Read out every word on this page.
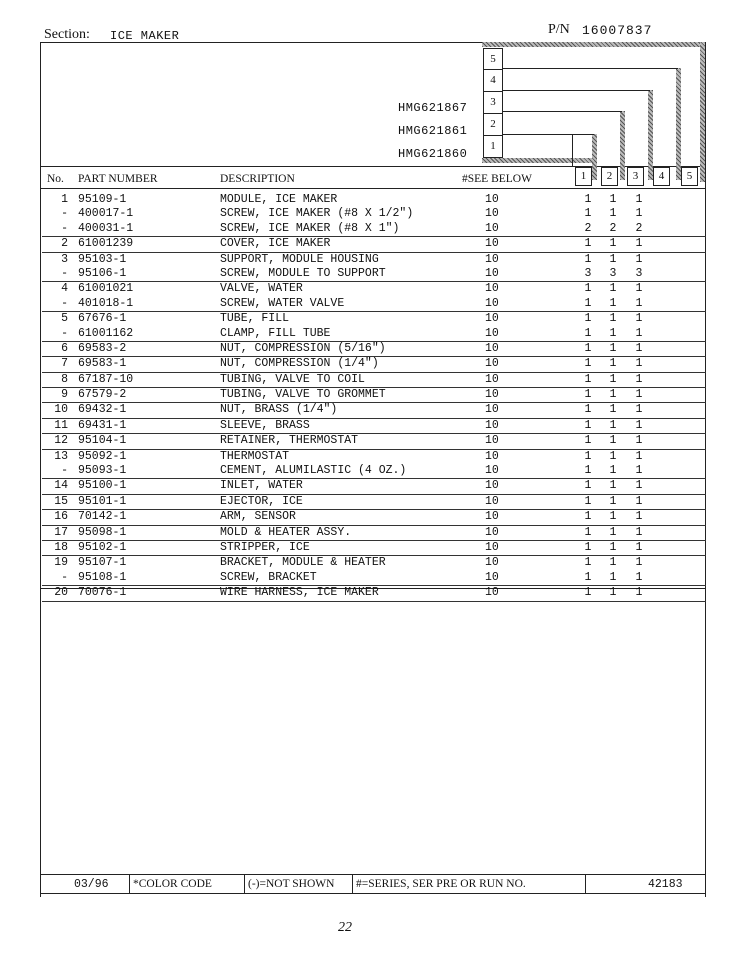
Section: ICE MAKER	P/N 16007837
5
4
3
2
1
HMG621867
HMG621861
HMG621860
No. PART NUMBER	DESCRIPTION	#SEE BELOW	1	2	3	4	5
1 95109-1	MODULE, ICE MAKER	10	1	1	1
- 400017-1	SCREW, ICE MAKER (#8 X 1/2")	10	1	1	1
- 400031-1	SCREW, ICE MAKER (#8 X 1")	10	2	2	2
2 61001239	COVER, ICE MAKER	10	1	1	1
3 95103-1	SUPPORT, MODULE HOUSING	10	1	1	1
- 95106-1	SCREW, MODULE TO SUPPORT	10	3	3	3
4 61001021	VALVE, WATER	10	1	1	1
- 401018-1	SCREW, WATER VALVE	10	1	1	1
5 67676-1	TUBE, FILL	10	1	1	1
- 61001162	CLAMP, FILL TUBE	10	1	1	1
6 69583-2	NUT, COMPRESSION (5/16")	10	1	1	1
7 69583-1	NUT, COMPRESSION (1/4")	10	1	1	1
8 67187-10	TUBING, VALVE TO COIL	10	1	1	1
9 67579-2	TUBING, VALVE TO GROMMET	10	1	1	1
10 69432-1	NUT, BRASS (1/4")	10	1	1	1
11 69431-1	SLEEVE, BRASS	10	1	1	1
12 95104-1	RETAINER, THERMOSTAT	10	1	1	1
13 95092-1	THERMOSTAT	10	1	1	1
- 95093-1	CEMENT, ALUMILASTIC (4 OZ.)	10	1	1	1
14 95100-1	INLET, WATER	10	1	1	1
15 95101-1	EJECTOR, ICE	10	1	1	1
16 70142-1	ARM, SENSOR	10	1	1	1
17 95098-1	MOLD & HEATER ASSY.	10	1	1	1
18 95102-1	STRIPPER, ICE	10	1	1	1
19 95107-1	BRACKET, MODULE & HEATER	10	1	1	1
- 95108-1	SCREW, BRACKET	10	1	1	1
20 70076-1	WIRE HARNESS, ICE MAKER	10	1	1	1
03/96 *COLOR CODE	(-)=NOT SHOWN #=SERIES, SER PRE OR RUN NO.	42183
22
